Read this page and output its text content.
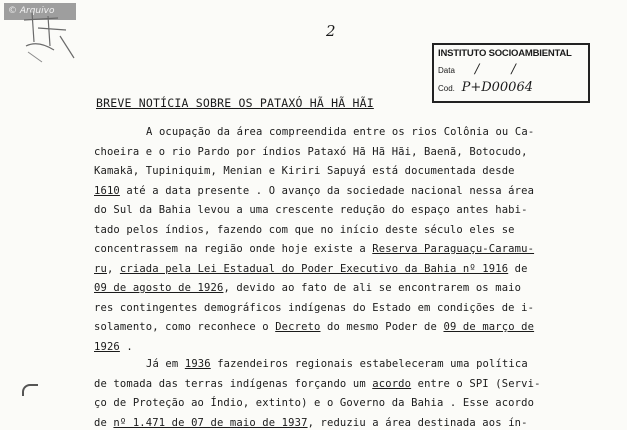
© Arquivo
2
INSTITUTO SOCIOAMBIENTAL
Data / /
Cod. P+D00064
BREVE NOTÍCIA SOBRE OS PATAXÓ HÃ HÃ HÃI
A ocupação da área compreendida entre os rios Colônia ou Ca-
choeira e o rio Pardo por índios Pataxó Hã Hã Hãi, Baenã, Botocudo,
Kamakã, Tupiniquim, Menian e Kiriri Sapuyá está documentada desde
1610 até a data presente . O avanço da sociedade nacional nessa área
do Sul da Bahia levou a uma crescente redução do espaço antes habi-
tado pelos índios, fazendo com que no início deste século eles se
concentrassem na região onde hoje existe a Reserva Paraguaçu-Caramu-
ru, criada pela Lei Estadual do Poder Executivo da Bahia nº 1916 de
09 de agosto de 1926, devido ao fato de ali se encontrarem os maio
res contingentes demográficos indígenas do Estado em condições de i-
solamento, como reconhece o Decreto do mesmo Poder de 09 de março de
1926 .
Já em 1936 fazendeiros regionais estabeleceram uma política
de tomada das terras indígenas forçando um acordo entre o SPI (Servi-
ço de Proteção ao Índio, extinto) e o Governo da Bahia . Esse acordo
de nº 1.471 de 07 de maio de 1937, reduziu a área destinada aos ín-
